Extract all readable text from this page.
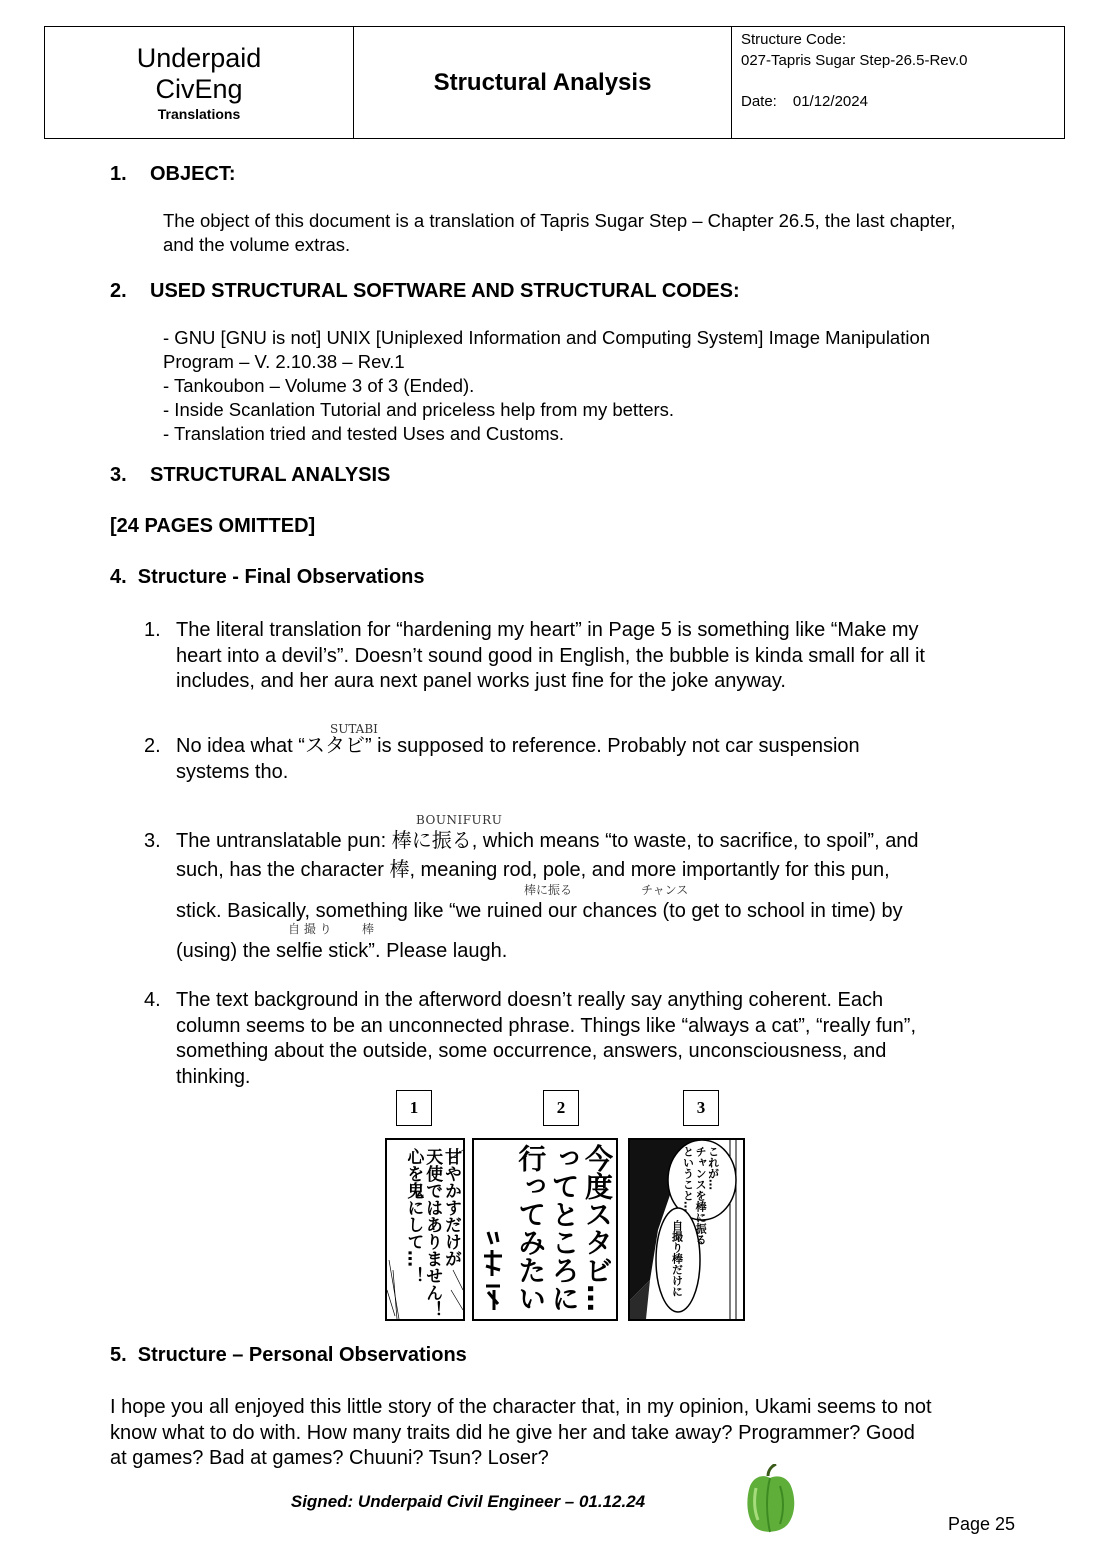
Underpaid
CivEng
Translations
Structural Analysis
Structure Code:
027-Tapris Sugar Step-26.5-Rev.0
Date: 01/12/2024
1. OBJECT:
The object of this document is a translation of Tapris Sugar Step – Chapter 26.5, the last chapter,
and the volume extras.
2. USED STRUCTURAL SOFTWARE AND STRUCTURAL CODES:
- GNU [GNU is not] UNIX [Uniplexed Information and Computing System] Image Manipulation
Program – V. 2.10.38 – Rev.1
- Tankoubon – Volume 3 of 3 (Ended).
- Inside Scanlation Tutorial and priceless help from my betters.
- Translation tried and tested Uses and Customs.
3. STRUCTURAL ANALYSIS
[24 PAGES OMITTED]
4.  Structure - Final Observations
1. The literal translation for “hardening my heart” in Page 5 is something like “Make my
heart into a devil’s”. Doesn’t sound good in English, the bubble is kinda small for all it
includes, and her aura next panel works just fine for the joke anyway.
SUTABI
2. No idea what “スタビ” is supposed to reference. Probably not car suspension
systems tho.
BOUNIFURU
棒に振る	チャンス
自 撮 り	棒
3. The untranslatable pun: 棒に振る, which means “to waste, to sacrifice, to spoil”, and
such, has the character 棒, meaning rod, pole, and more importantly for this pun,
stick. Basically, something like “we ruined our chances (to get to school in time) by
(using) the selfie stick”. Please laugh.
4. The text background in the afterword doesn’t really say anything coherent. Each
column seems to be an unconnected phrase. Things like “always a cat”, “really fun”,
something about the outside, some occurrence, answers, unconsciousness, and
thinking.
1	2	3
甘やかすだけが
天使ではありません！
心を鬼にして…！	今度スタビ…
ってところに
行ってみたい	これが…
チャンスを棒に振る
ということ…
自撮り棒だけに
5.  Structure – Personal Observations
I hope you all enjoyed this little story of the character that, in my opinion, Ukami seems to not
know what to do with. How many traits did he give her and take away? Programmer? Good
at games? Bad at games? Chuuni? Tsun? Loser?
Signed: Underpaid Civil Engineer – 01.12.24
Page 25
